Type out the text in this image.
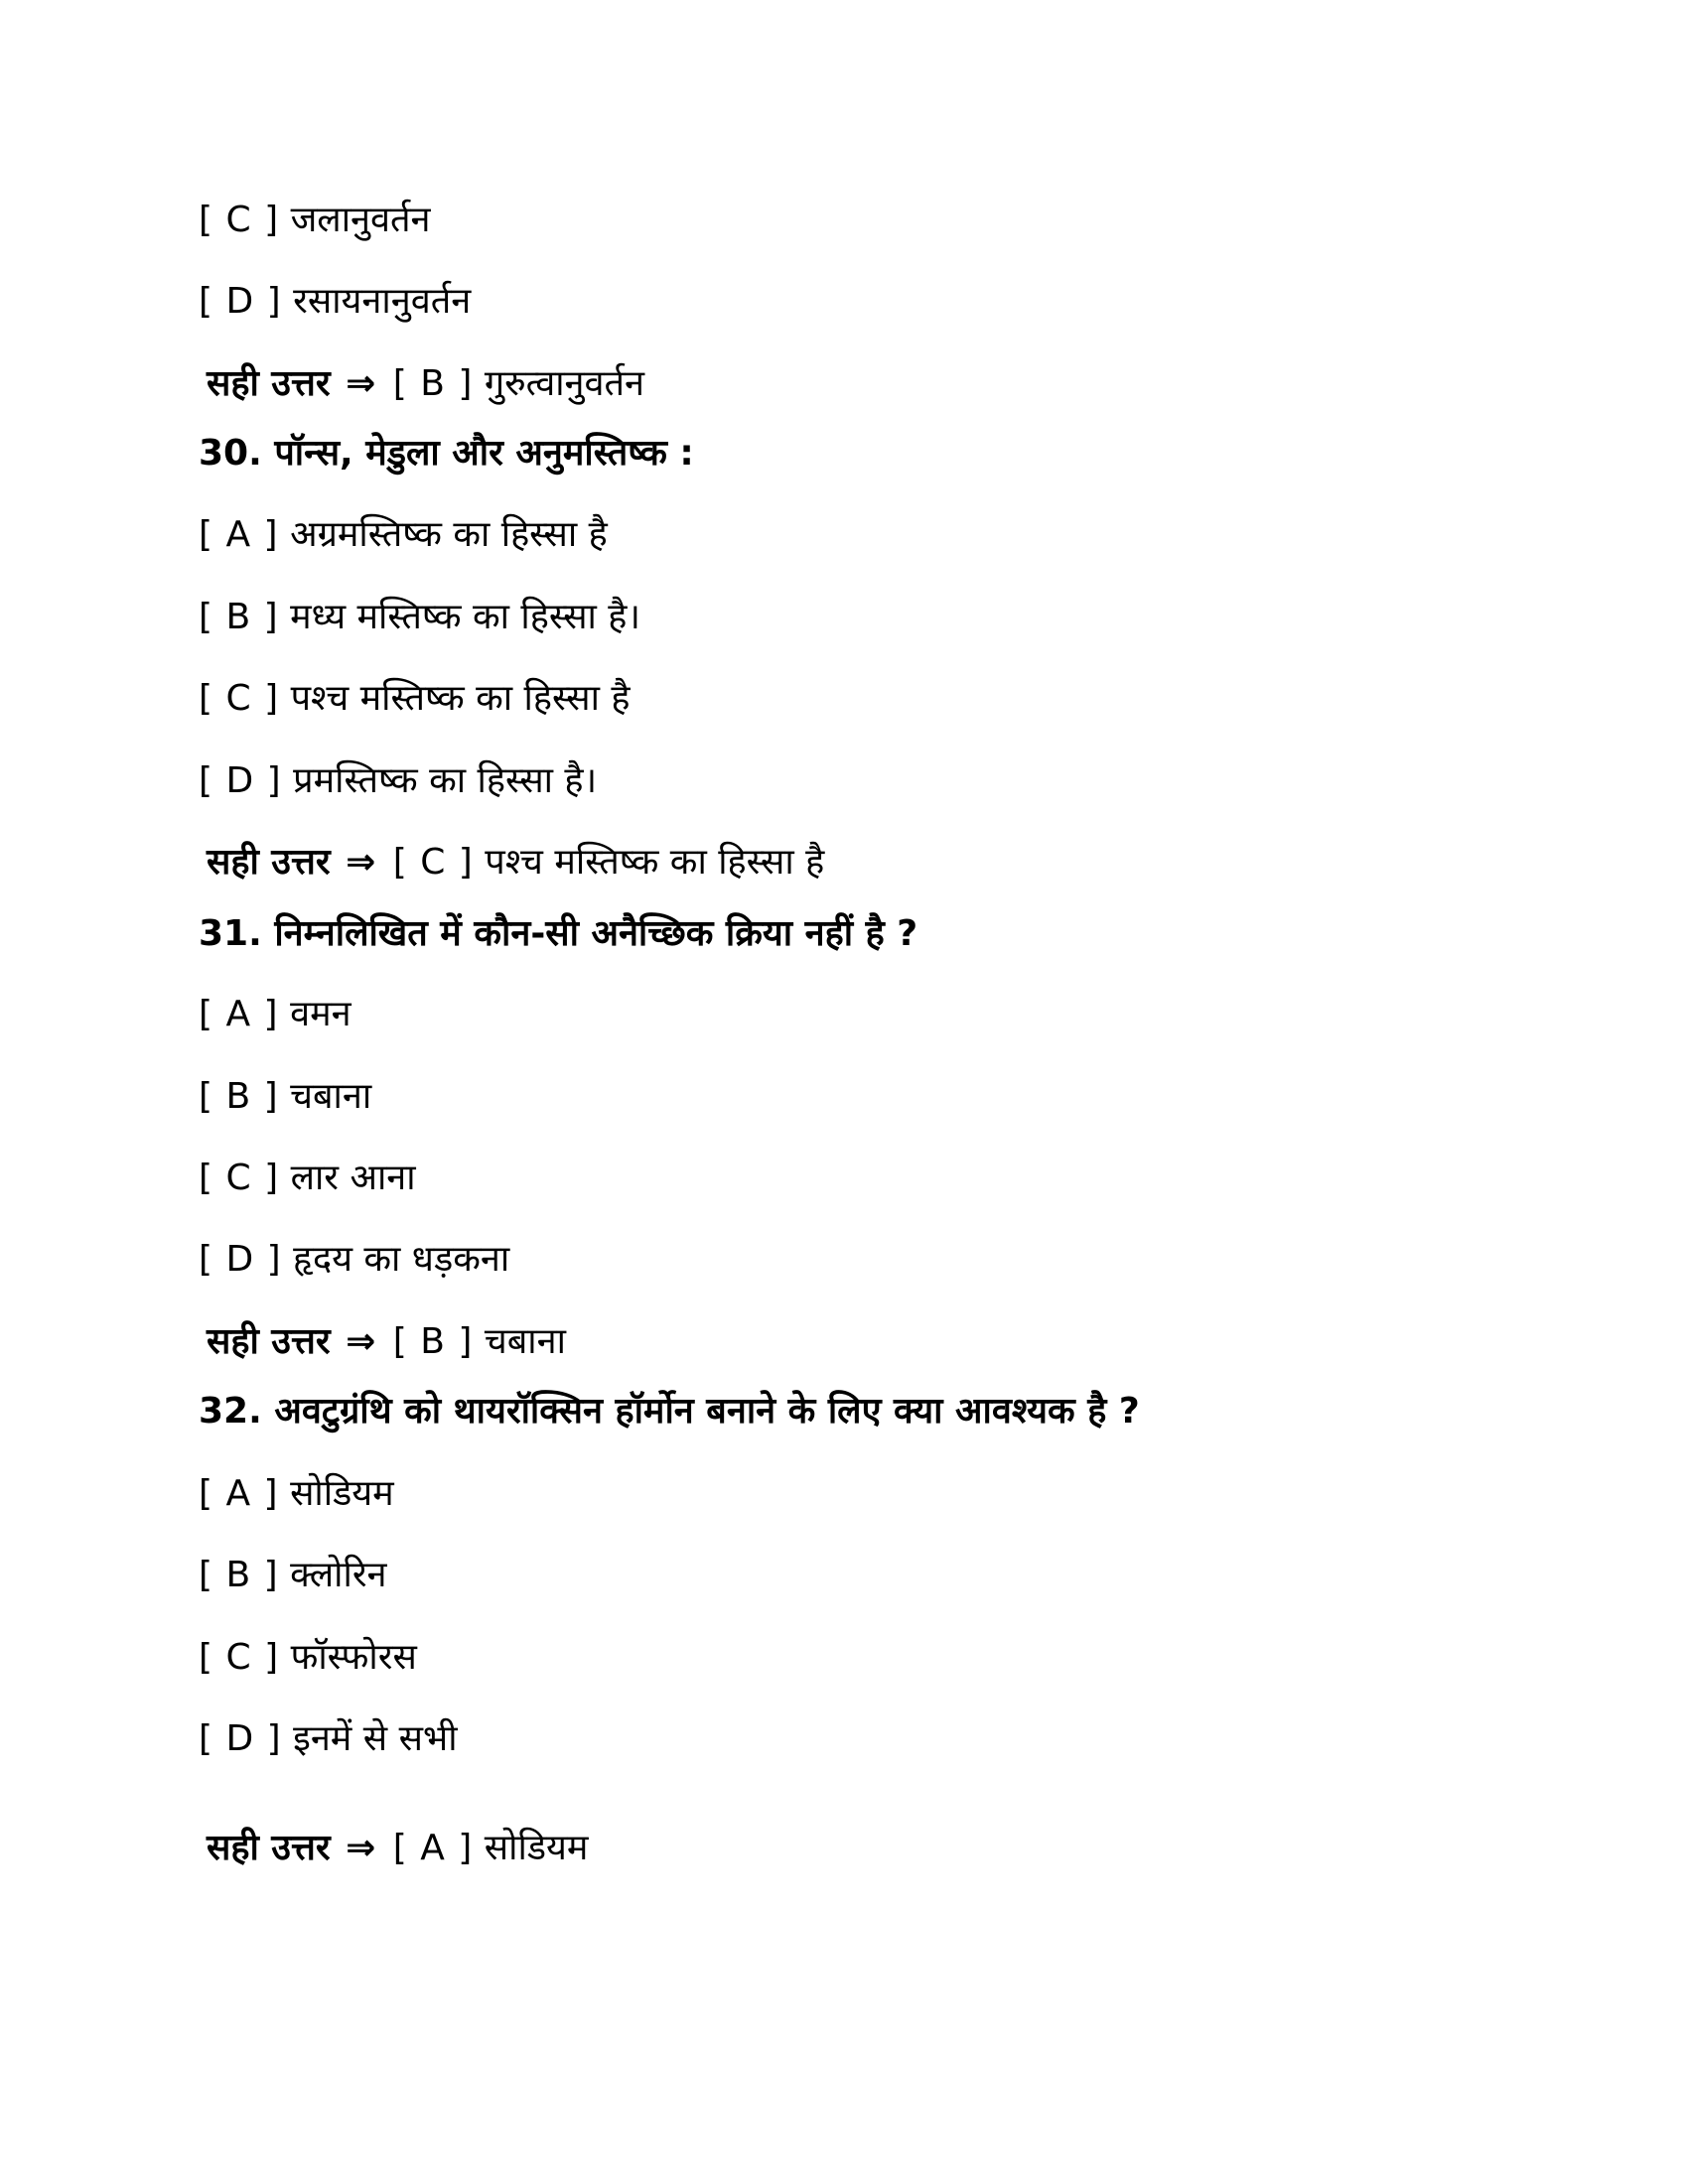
[ C ] जलानुवर्तन
[ D ] रसायनानुवर्तन
सही उत्तर ⇒ [ B ] गुरुत्वानुवर्तन
30. पॉन्स, मेडुला और अनुमस्तिष्क :
[ A ] अग्रमस्तिष्क का हिस्सा है
[ B ] मध्य मस्तिष्क का हिस्सा है।
[ C ] पश्च मस्तिष्क का हिस्सा है
[ D ] प्रमस्तिष्क का हिस्सा है।
सही उत्तर ⇒ [ C ] पश्च मस्तिष्क का हिस्सा है
31. निम्नलिखित में कौन-सी अनैच्छिक क्रिया नहीं है ?
[ A ] वमन
[ B ] चबाना
[ C ] लार आना
[ D ] हृदय का धड़कना
सही उत्तर ⇒ [ B ] चबाना
32. अवटुग्रंथि को थायरॉक्सिन हॉर्मोन बनाने के लिए क्या आवश्यक है ?
[ A ] सोडियम
[ B ] क्लोरिन
[ C ] फॉस्फोरस
[ D ] इनमें से सभी
सही उत्तर ⇒ [ A ] सोडियम
